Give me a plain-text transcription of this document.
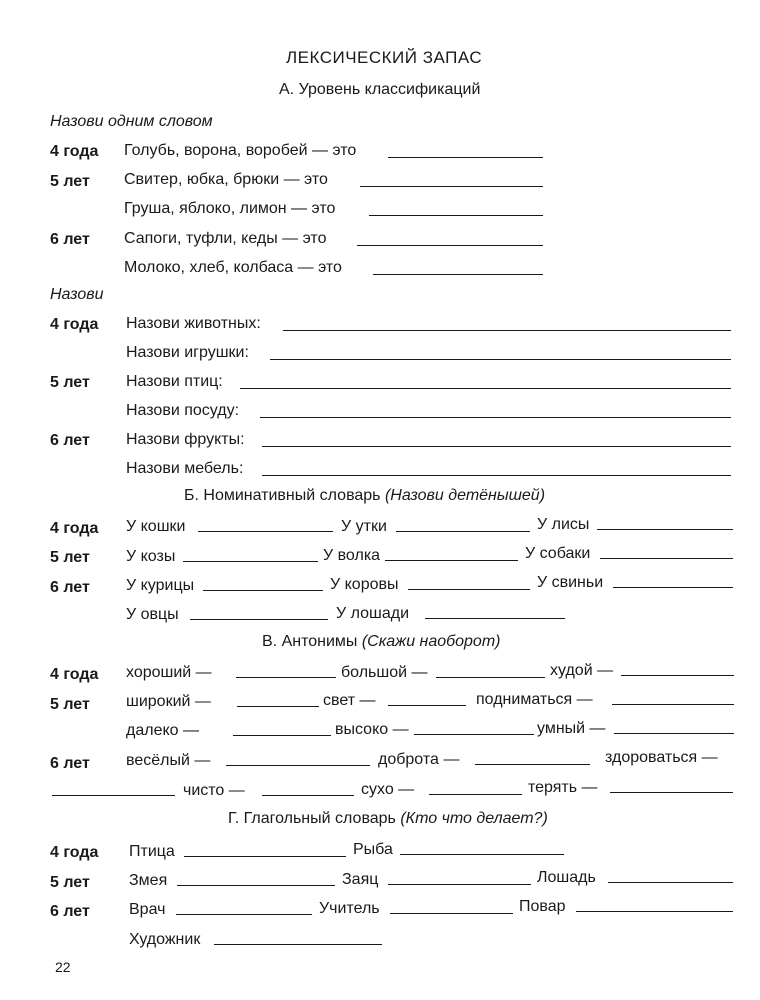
ЛЕКСИЧЕСКИЙ ЗАПАС
А. Уровень классификаций
Назови одним словом
4 года Голубь, ворона, воробей — это
5 лет Свитер, юбка, брюки — это
Груша, яблоко, лимон — это
6 лет Сапоги, туфли, кеды — это
Молоко, хлеб, колбаса — это
Назови
4 года Назови животных:
Назови игрушки:
5 лет Назови птиц:
Назови посуду:
6 лет Назови фрукты:
Назови мебель:
Б. Номинативный словарь (Назови детёнышей)
4 года У кошки	У утки	У лисы
5 лет У козы	У волка	У собаки
6 лет У курицы	У коровы	У свиньи
У овцы	У лошади
В. Антонимы (Скажи наоборот)
4 года хороший —	большой —	худой —
5 лет широкий —	свет —	подниматься —
далеко —	высоко —	умный —
6 лет весёлый —	доброта —	здороваться —
чисто —	сухо —	терять —
Г. Глагольный словарь (Кто что делает?)
4 года Птица	Рыба
5 лет Змея	Заяц	Лошадь
6 лет Врач	Учитель	Повар
Художник
22
